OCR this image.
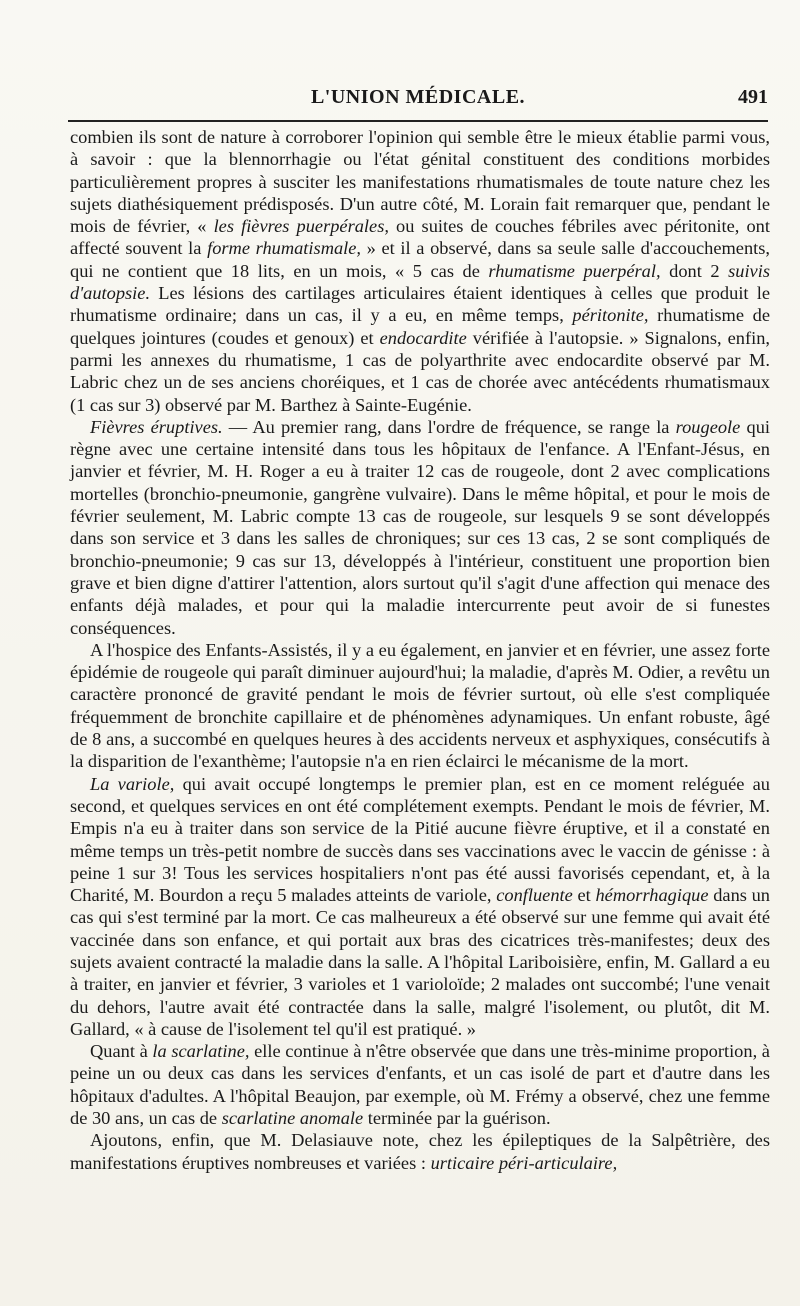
L'UNION MÉDICALE.	491

combien ils sont de nature à corroborer l'opinion qui semble être le mieux établie parmi vous, à savoir : que la blennorrhagie ou l'état génital constituent des conditions morbides particulièrement propres à susciter les manifestations rhumatismales de toute nature chez les sujets diathésiquement prédisposés. D'un autre côté, M. Lorain fait remarquer que, pendant le mois de février, « les fièvres puerpérales, ou suites de couches fébriles avec péritonite, ont affecté souvent la forme rhumatismale, » et il a observé, dans sa seule salle d'accouchements, qui ne contient que 18 lits, en un mois, « 5 cas de rhumatisme puerpéral, dont 2 suivis d'autopsie. Les lésions des cartilages articulaires étaient identiques à celles que produit le rhumatisme ordinaire; dans un cas, il y a eu, en même temps, péritonite, rhumatisme de quelques jointures (coudes et genoux) et endocardite vérifiée à l'autopsie. » Signalons, enfin, parmi les annexes du rhumatisme, 1 cas de polyarthrite avec endocardite observé par M. Labric chez un de ses anciens choréiques, et 1 cas de chorée avec antécédents rhumatismaux (1 cas sur 3) observé par M. Barthez à Sainte-Eugénie.

Fièvres éruptives. — Au premier rang, dans l'ordre de fréquence, se range la rougeole qui règne avec une certaine intensité dans tous les hôpitaux de l'enfance. A l'Enfant-Jésus, en janvier et février, M. H. Roger a eu à traiter 12 cas de rougeole, dont 2 avec complications mortelles (bronchio-pneumonie, gangrène vulvaire). Dans le même hôpital, et pour le mois de février seulement, M. Labric compte 13 cas de rougeole, sur lesquels 9 se sont développés dans son service et 3 dans les salles de chroniques; sur ces 13 cas, 2 se sont compliqués de bronchio-pneumonie; 9 cas sur 13, développés à l'intérieur, constituent une proportion bien grave et bien digne d'attirer l'attention, alors surtout qu'il s'agit d'une affection qui menace des enfants déjà malades, et pour qui la maladie intercurrente peut avoir de si funestes conséquences.

A l'hospice des Enfants-Assistés, il y a eu également, en janvier et en février, une assez forte épidémie de rougeole qui paraît diminuer aujourd'hui; la maladie, d'après M. Odier, a revêtu un caractère prononcé de gravité pendant le mois de février surtout, où elle s'est compliquée fréquemment de bronchite capillaire et de phénomènes adynamiques. Un enfant robuste, âgé de 8 ans, a succombé en quelques heures à des accidents nerveux et asphyxiques, consécutifs à la disparition de l'exanthème; l'autopsie n'a en rien éclairci le mécanisme de la mort.

La variole, qui avait occupé longtemps le premier plan, est en ce moment reléguée au second, et quelques services en ont été complétement exempts. Pendant le mois de février, M. Empis n'a eu à traiter dans son service de la Pitié aucune fièvre éruptive, et il a constaté en même temps un très-petit nombre de succès dans ses vaccinations avec le vaccin de génisse : à peine 1 sur 3! Tous les services hospitaliers n'ont pas été aussi favorisés cependant, et, à la Charité, M. Bourdon a reçu 5 malades atteints de variole, confluente et hémorrhagique dans un cas qui s'est terminé par la mort. Ce cas malheureux a été observé sur une femme qui avait été vaccinée dans son enfance, et qui portait aux bras des cicatrices très-manifestes; deux des sujets avaient contracté la maladie dans la salle. A l'hôpital Lariboisière, enfin, M. Gallard a eu à traiter, en janvier et février, 3 varioles et 1 varioloïde; 2 malades ont succombé; l'une venait du dehors, l'autre avait été contractée dans la salle, malgré l'isolement, ou plutôt, dit M. Gallard, « à cause de l'isolement tel qu'il est pratiqué. »

Quant à la scarlatine, elle continue à n'être observée que dans une très-minime proportion, à peine un ou deux cas dans les services d'enfants, et un cas isolé de part et d'autre dans les hôpitaux d'adultes. A l'hôpital Beaujon, par exemple, où M. Frémy a observé, chez une femme de 30 ans, un cas de scarlatine anomale terminée par la guérison.

Ajoutons, enfin, que M. Delasiauve note, chez les épileptiques de la Salpêtrière, des manifestations éruptives nombreuses et variées : urticaire péri-articulaire,
